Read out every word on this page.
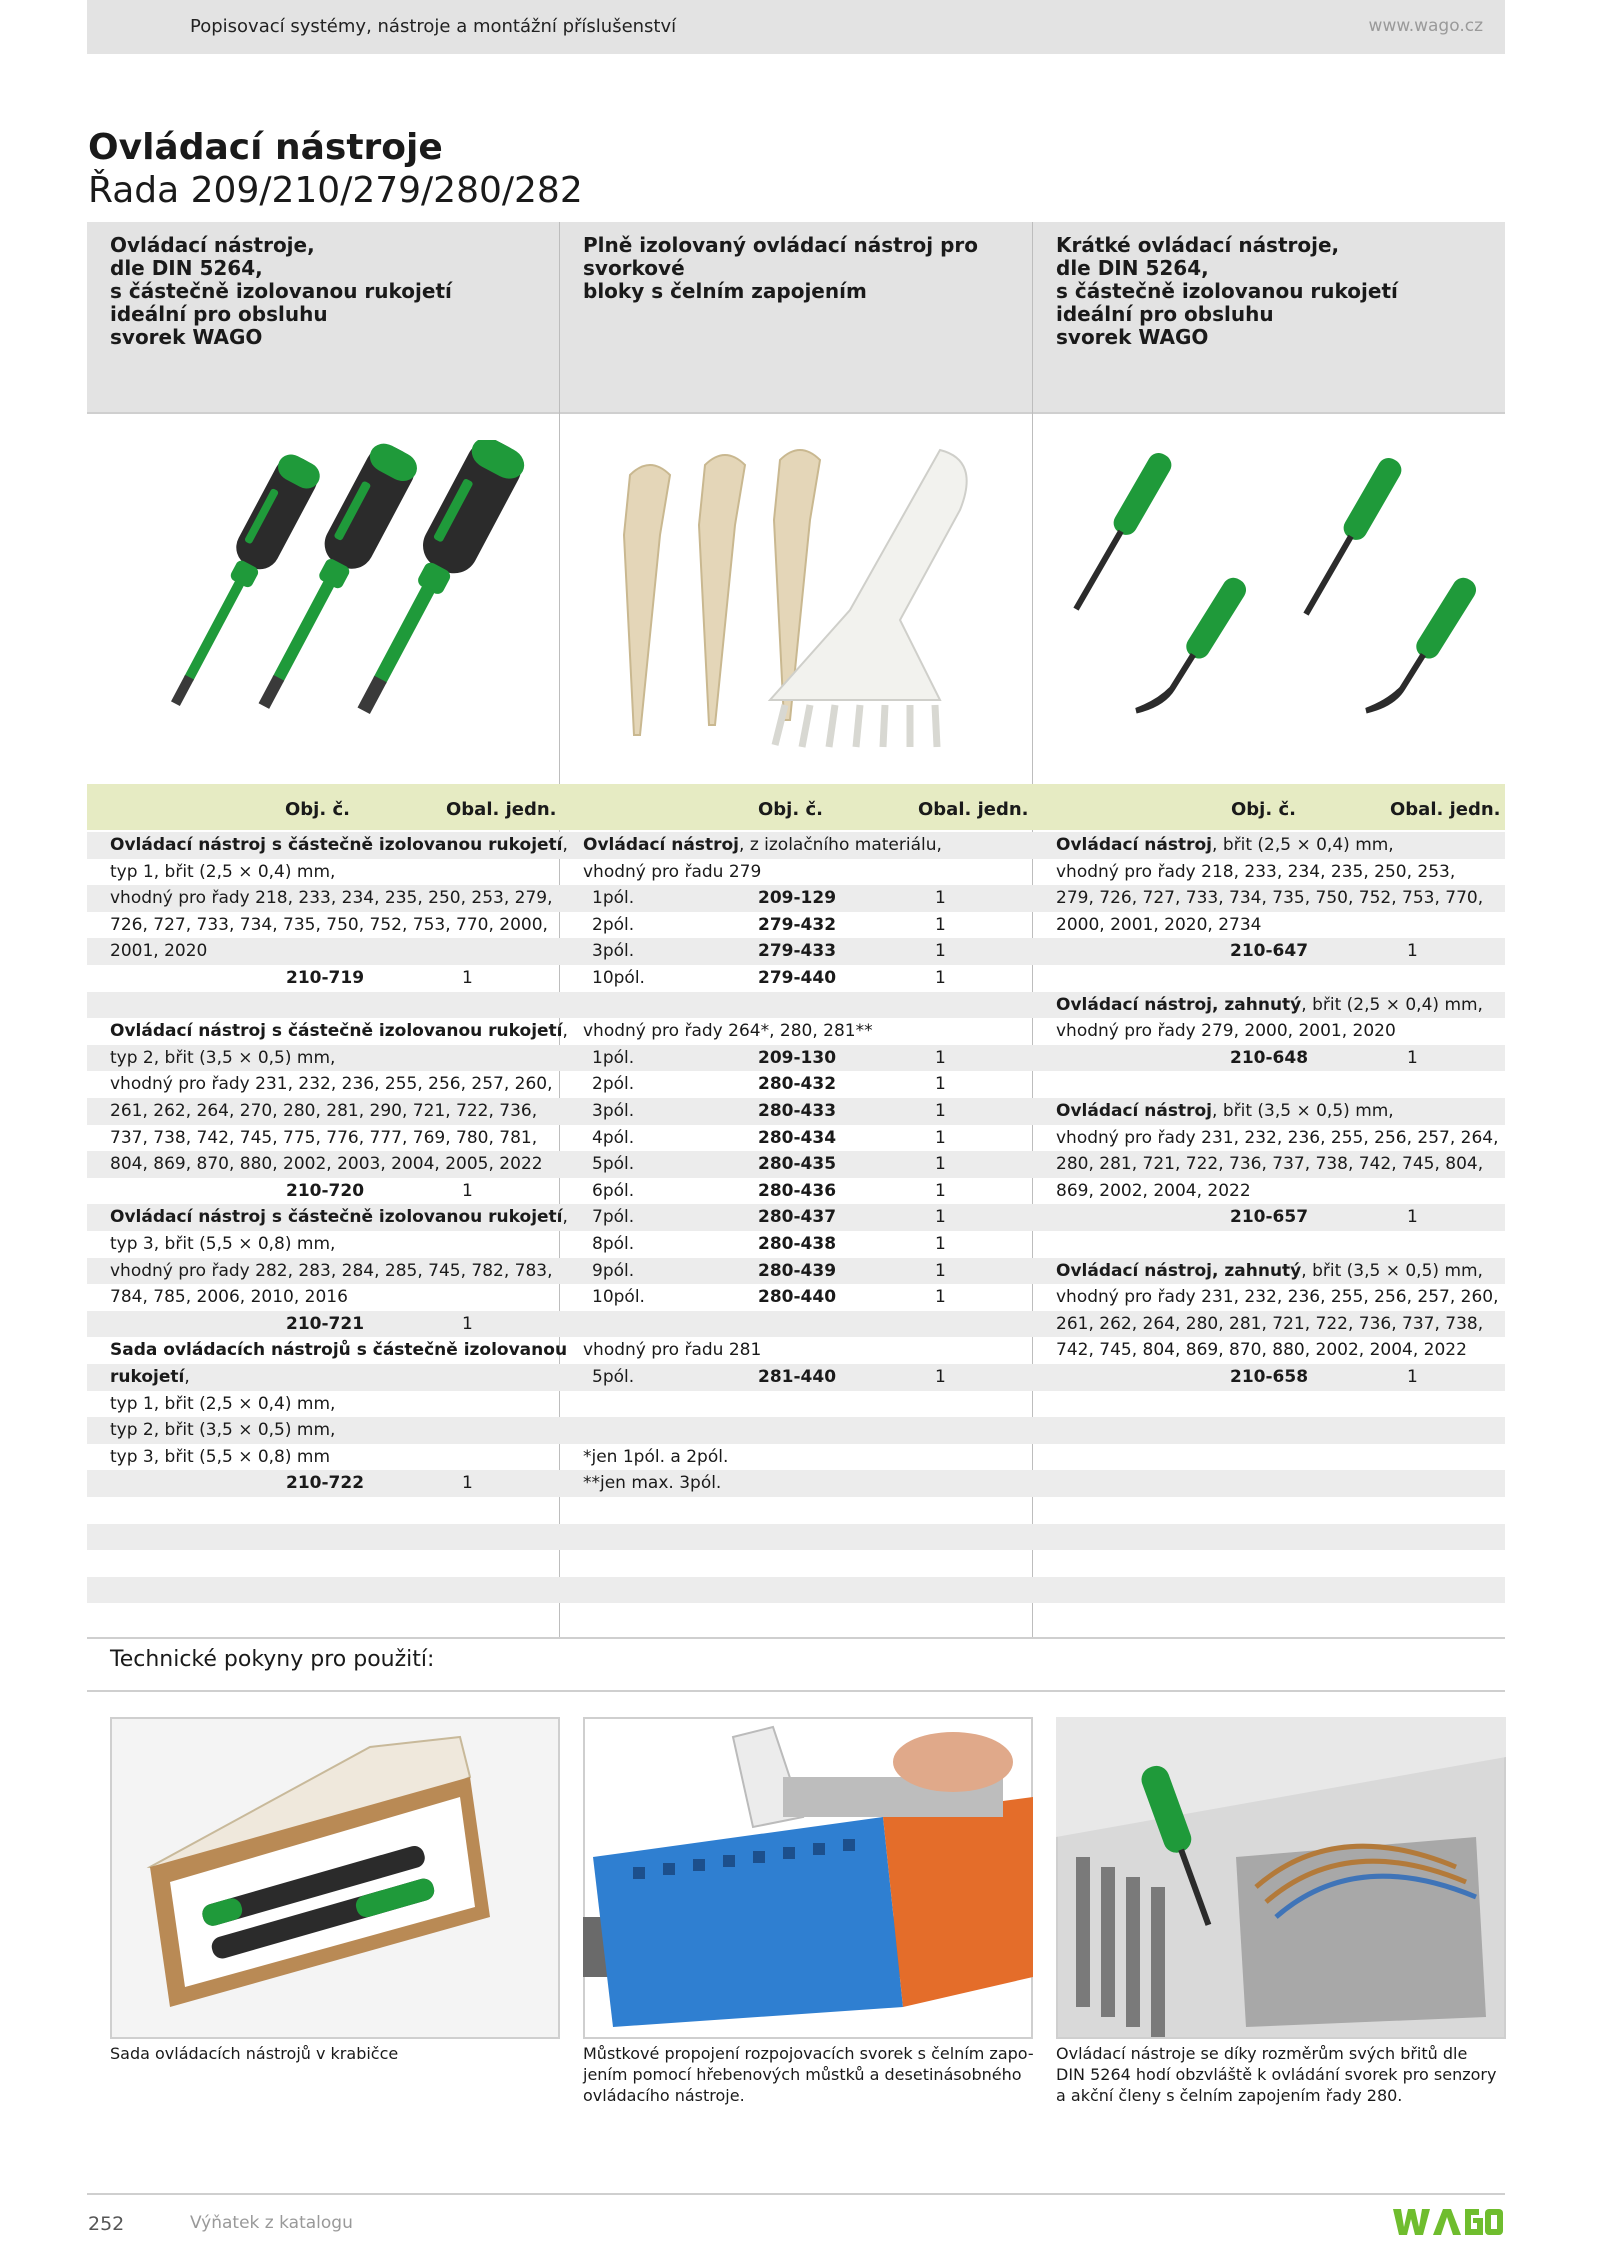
Popisovací systémy, nástroje a montážní příslušenství	www.wago.cz
Ovládací nástroje
Řada 209/210/279/280/282
Ovládací nástroje,
dle DIN 5264,
s částečně izolovanou rukojetí
ideální pro obsluhu
svorek WAGO
Plně izolovaný ovládací nástroj pro svorkové
bloky s čelním zapojením
Krátké ovládací nástroje,
dle DIN 5264,
s částečně izolovanou rukojetí
ideální pro obsluhu
svorek WAGO
Obj. č.	Obal. jedn.	Obj. č.	Obal. jedn.	Obj. č.	Obal. jedn.
Ovládací nástroj s částečně izolovanou rukojetí,
typ 1, břit (2,5 × 0,4) mm,
vhodný pro řady 218, 233, 234, 235, 250, 253, 279,
726, 727, 733, 734, 735, 750, 752, 753, 770, 2000,
2001, 2020
210-719	1
Ovládací nástroj s částečně izolovanou rukojetí,
typ 2, břit (3,5 × 0,5) mm,
vhodný pro řady 231, 232, 236, 255, 256, 257, 260,
261, 262, 264, 270, 280, 281, 290, 721, 722, 736,
737, 738, 742, 745, 775, 776, 777, 769, 780, 781,
804, 869, 870, 880, 2002, 2003, 2004, 2005, 2022
210-720	1
Ovládací nástroj s částečně izolovanou rukojetí,
typ 3, břit (5,5 × 0,8) mm,
vhodný pro řady 282, 283, 284, 285, 745, 782, 783,
784, 785, 2006, 2010, 2016
210-721	1
Sada ovládacích nástrojů s částečně izolovanou
rukojetí,
typ 1, břit (2,5 × 0,4) mm,
typ 2, břit (3,5 × 0,5) mm,
typ 3, břit (5,5 × 0,8) mm
210-722	1
Ovládací nástroj, z izolačního materiálu,
vhodný pro řadu 279
1pól.	209-129	1
2pól.	279-432	1
3pól.	279-433	1
10pól.	279-440	1
vhodný pro řady 264*, 280, 281**
1pól.	209-130	1
2pól.	280-432	1
3pól.	280-433	1
4pól.	280-434	1
5pól.	280-435	1
6pól.	280-436	1
7pól.	280-437	1
8pól.	280-438	1
9pól.	280-439	1
10pól.	280-440	1
vhodný pro řadu 281
5pól.	281-440	1
*jen 1pól. a 2pól.
**jen max. 3pól.
Ovládací nástroj, břit (2,5 × 0,4) mm,
vhodný pro řady 218, 233, 234, 235, 250, 253,
279, 726, 727, 733, 734, 735, 750, 752, 753, 770,
2000, 2001, 2020, 2734
210-647	1
Ovládací nástroj, zahnutý, břit (2,5 × 0,4) mm,
vhodný pro řady 279, 2000, 2001, 2020
210-648	1
Ovládací nástroj, břit (3,5 × 0,5) mm,
vhodný pro řady 231, 232, 236, 255, 256, 257, 264,
280, 281, 721, 722, 736, 737, 738, 742, 745, 804,
869, 2002, 2004, 2022
210-657	1
Ovládací nástroj, zahnutý, břit (3,5 × 0,5) mm,
vhodný pro řady 231, 232, 236, 255, 256, 257, 260,
261, 262, 264, 280, 281, 721, 722, 736, 737, 738,
742, 745, 804, 869, 870, 880, 2002, 2004, 2022
210-658	1
Technické pokyny pro použití:
Sada ovládacích nástrojů v krabičce	Můstkové propojení rozpojovacích svorek s čelním zapo-
jením pomocí hřebenových můstků a desetinásobného
ovládacího nástroje.
Ovládací nástroje se díky rozměrům svých břitů dle
DIN 5264 hodí obzvláště k ovládání svorek pro senzory
a akční členy s čelním zapojením řady 280.
252	Výňatek z katalogu
